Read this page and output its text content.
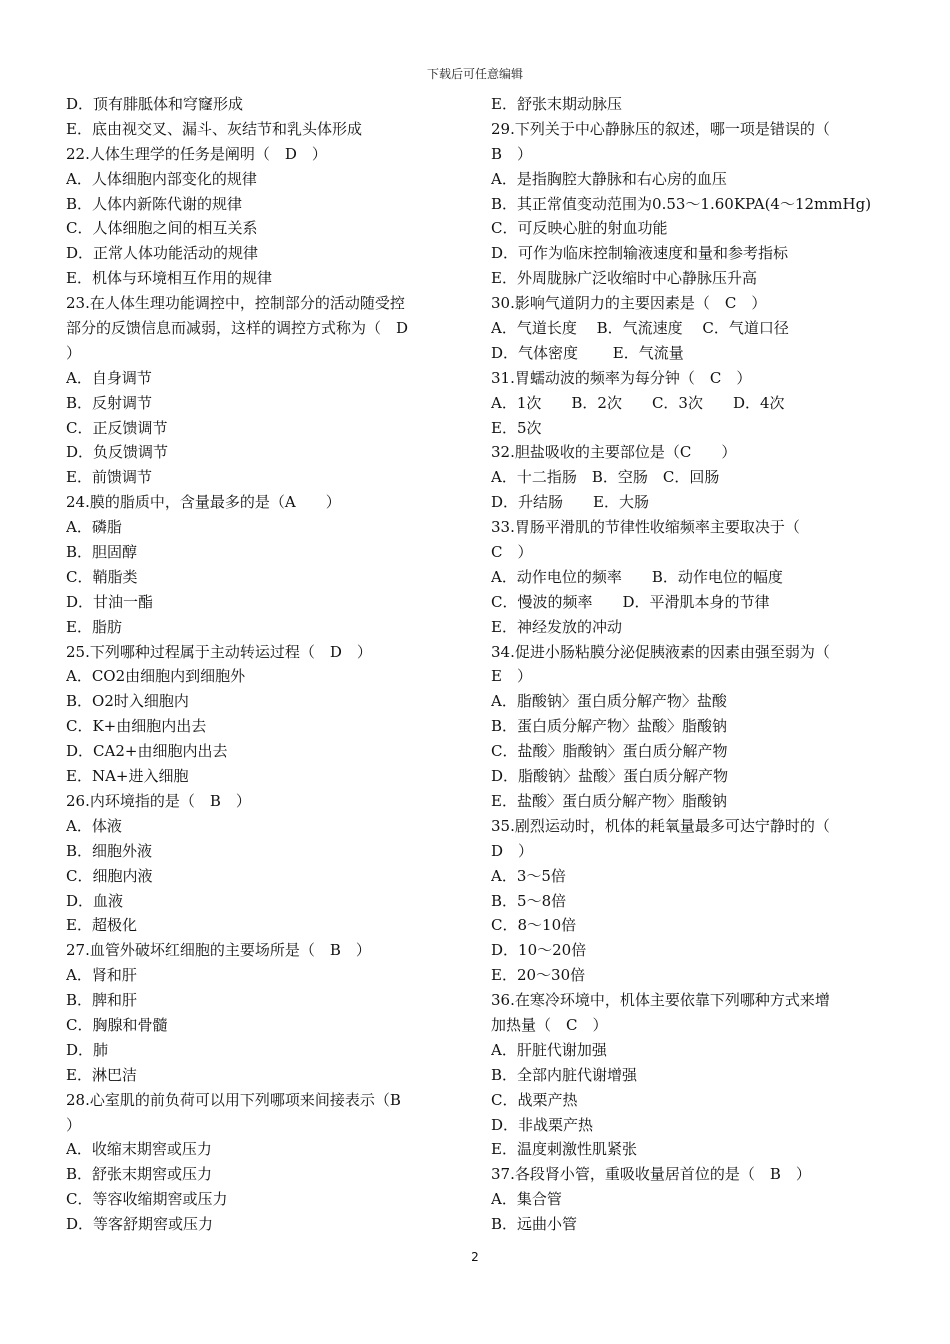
下载后可任意编辑
D．顶有腓胝体和穹窿形成
E．底由视交叉、漏斗、灰结节和乳头体形成
22.人体生理学的任务是阐明（　D　）
A．人体细胞内部变化的规律
B．人体内新陈代谢的规律
C．人体细胞之间的相互关系
D．正常人体功能活动的规律
E．机体与环境相互作用的规律
23.在人体生理功能调控中，控制部分的活动随受控
部分的反馈信息而减弱，这样的调控方式称为（　D
）
A．自身调节
B．反射调节
C．正反馈调节
D．负反馈调节
E．前馈调节
24.膜的脂质中，含量最多的是（A　　）
A．磷脂
B．胆固醇
C．鞘脂类
D．甘油一酯
E．脂肪
25.下列哪种过程属于主动转运过程（　D　）
A．CO2由细胞内到细胞外
B．O2时入细胞内
C．K+由细胞内出去
D．CA2+由细胞内出去
E．NA+进入细胞
26.内环境指的是（　B　）
A．体液
B．细胞外液
C．细胞内液
D．血液
E．超极化
27.血管外破坏红细胞的主要场所是（　B　）
A．肾和肝
B．脾和肝
C．胸腺和骨髓
D．肺
E．淋巴洁
28.心室肌的前负荷可以用下列哪项来间接表示（B
）
A．收缩末期窖或压力
B．舒张末期窖或压力
C．等容收缩期窖或压力
D．等客舒期窖或压力
E．舒张末期动脉压
29.下列关于中心静脉压的叙述，哪一项是错误的（
B　）
A．是指胸腔大静脉和右心房的血压
B．其正常值变动范围为0.53～1.60KPA(4～12mmHg)
C．可反映心脏的射血功能
D．可作为临床控制输液速度和量和参考指标
E．外周胧脉广泛收缩时中心静脉压升高
30.影响气道阴力的主要因素是（　C　）
A．气道长度　 B．气流速度　 C．气道口径
D．气体密度　　 E．气流量
31.胃蠕动波的频率为每分钟（　C　）
A．1次　　B．2次　　C．3次　　D．4次
E．5次
32.胆盐吸收的主要部位是（C　　）
A．十二指肠　B．空肠　C．回肠
D．升结肠　　E．大肠
33.胃肠平滑肌的节律性收缩频率主要取决于（
C　）
A．动作电位的频率　　B．动作电位的幅度
C．慢波的频率　　D．平滑肌本身的节律
E．神经发放的冲动
34.促进小肠粘膜分泌促胰液素的因素由强至弱为（
E　）
A．脂酸钠〉蛋白质分解产物〉盐酸
B．蛋白质分解产物〉盐酸〉脂酸钠
C．盐酸〉脂酸钠〉蛋白质分解产物
D．脂酸钠〉盐酸〉蛋白质分解产物
E．盐酸〉蛋白质分解产物〉脂酸钠
35.剧烈运动时，机体的耗氧量最多可达宁静时的（
D　）
A．3～5倍
B．5～8倍
C．8～10倍
D．10～20倍
E．20～30倍
36.在寒冷环境中，机体主要依靠下列哪种方式来增
加热量（　C　）
A．肝脏代谢加强
B．全部内脏代谢增强
C．战栗产热
D．非战栗产热
E．温度刺激性肌紧张
37.各段肾小管，重吸收量居首位的是（　B　）
A．集合管
B．远曲小管
2
